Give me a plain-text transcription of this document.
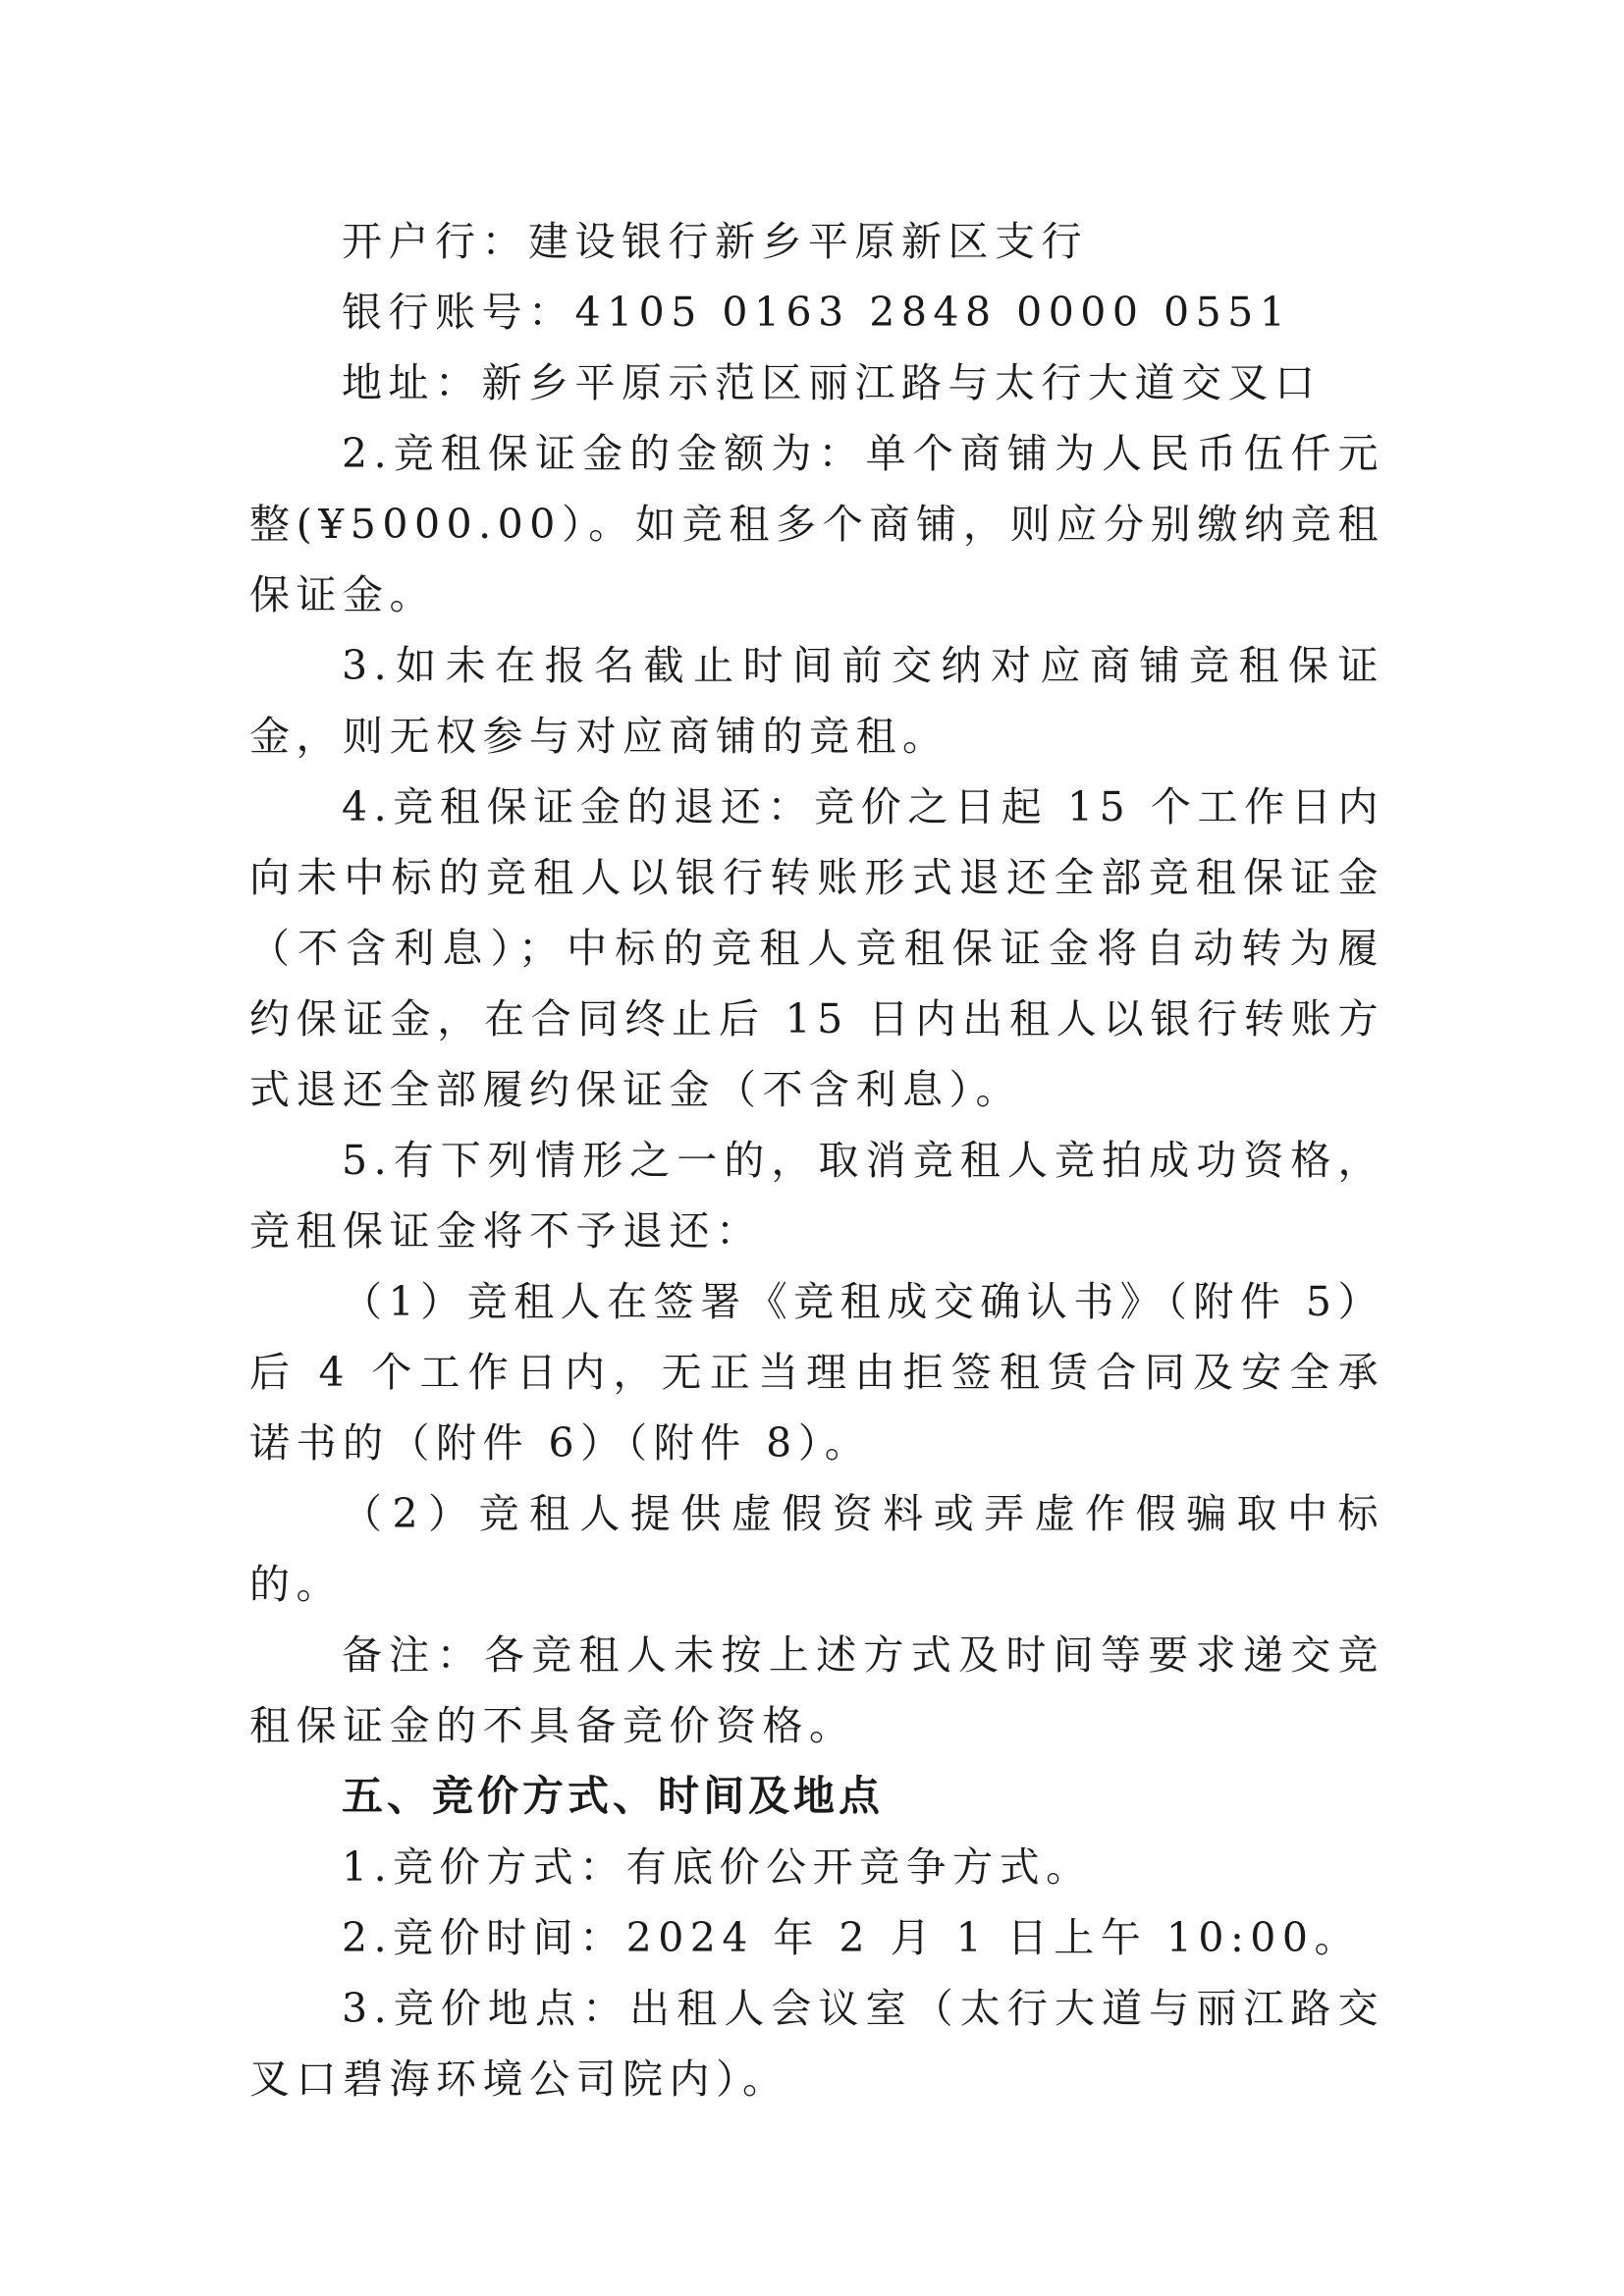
开户行：建设银行新乡平原新区支行

银行账号：4105 0163 2848 0000 0551

地址：新乡平原示范区丽江路与太行大道交叉口

2.竞租保证金的金额为：单个商铺为人民币伍仟元整(¥5000.00）。如竞租多个商铺，则应分别缴纳竞租保证金。

3.如未在报名截止时间前交纳对应商铺竞租保证金，则无权参与对应商铺的竞租。

4.竞租保证金的退还：竞价之日起 15 个工作日内向未中标的竞租人以银行转账形式退还全部竞租保证金（不含利息）；中标的竞租人竞租保证金将自动转为履约保证金，在合同终止后 15 日内出租人以银行转账方式退还全部履约保证金（不含利息）。

5.有下列情形之一的，取消竞租人竞拍成功资格，竞租保证金将不予退还：

（1）竞租人在签署《竞租成交确认书》（附件 5）后 4 个工作日内，无正当理由拒签租赁合同及安全承诺书的（附件 6）（附件 8）。

（2）竞租人提供虚假资料或弄虚作假骗取中标的。

备注：各竞租人未按上述方式及时间等要求递交竞租保证金的不具备竞价资格。

五、竞价方式、时间及地点

1.竞价方式：有底价公开竞争方式。

2.竞价时间：2024 年 2 月 1 日上午 10:00。

3.竞价地点：出租人会议室（太行大道与丽江路交叉口碧海环境公司院内）。
